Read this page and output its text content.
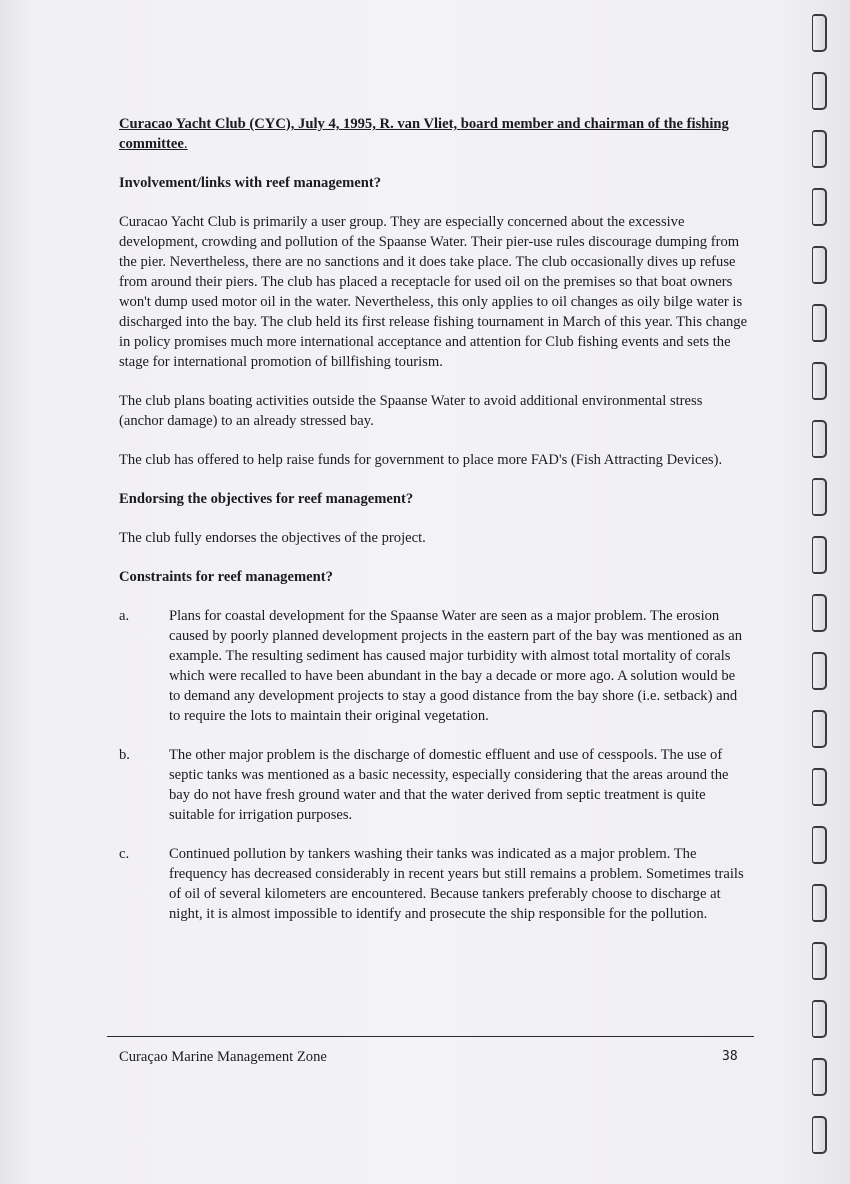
Curacao Yacht Club (CYC), July 4, 1995, R. van Vliet, board member and chairman of the fishing committee.

Involvement/links with reef management?

Curacao Yacht Club is primarily a user group. They are especially concerned about the excessive development, crowding and pollution of the Spaanse Water. Their pier-use rules discourage dumping from the pier. Nevertheless, there are no sanctions and it does take place. The club occasionally dives up refuse from around their piers. The club has placed a receptacle for used oil on the premises so that boat owners won't dump used motor oil in the water. Nevertheless, this only applies to oil changes as oily bilge water is discharged into the bay. The club held its first release fishing tournament in March of this year. This change in policy promises much more international acceptance and attention for Club fishing events and sets the stage for international promotion of billfishing tourism.

The club plans boating activities outside the Spaanse Water to avoid additional environmental stress (anchor damage) to an already stressed bay.

The club has offered to help raise funds for government to place more FAD's (Fish Attracting Devices).

Endorsing the objectives for reef management?

The club fully endorses the objectives of the project.

Constraints for reef management?

a.	Plans for coastal development for the Spaanse Water are seen as a major problem. The erosion caused by poorly planned development projects in the eastern part of the bay was mentioned as an example. The resulting sediment has caused major turbidity with almost total mortality of corals which were recalled to have been abundant in the bay a decade or more ago. A solution would be to demand any development projects to stay a good distance from the bay shore (i.e. setback) and to require the lots to maintain their original vegetation.
b.	The other major problem is the discharge of domestic effluent and use of cesspools. The use of septic tanks was mentioned as a basic necessity, especially considering that the areas around the bay do not have fresh ground water and that the water derived from septic treatment is quite suitable for irrigation purposes.
c.	Continued pollution by tankers washing their tanks was indicated as a major problem. The frequency has decreased considerably in recent years but still remains a problem. Sometimes trails of oil of several kilometers are encountered. Because tankers preferably choose to discharge at night, it is almost impossible to identify and prosecute the ship responsible for the pollution.
Curaçao Marine Management Zone	38
